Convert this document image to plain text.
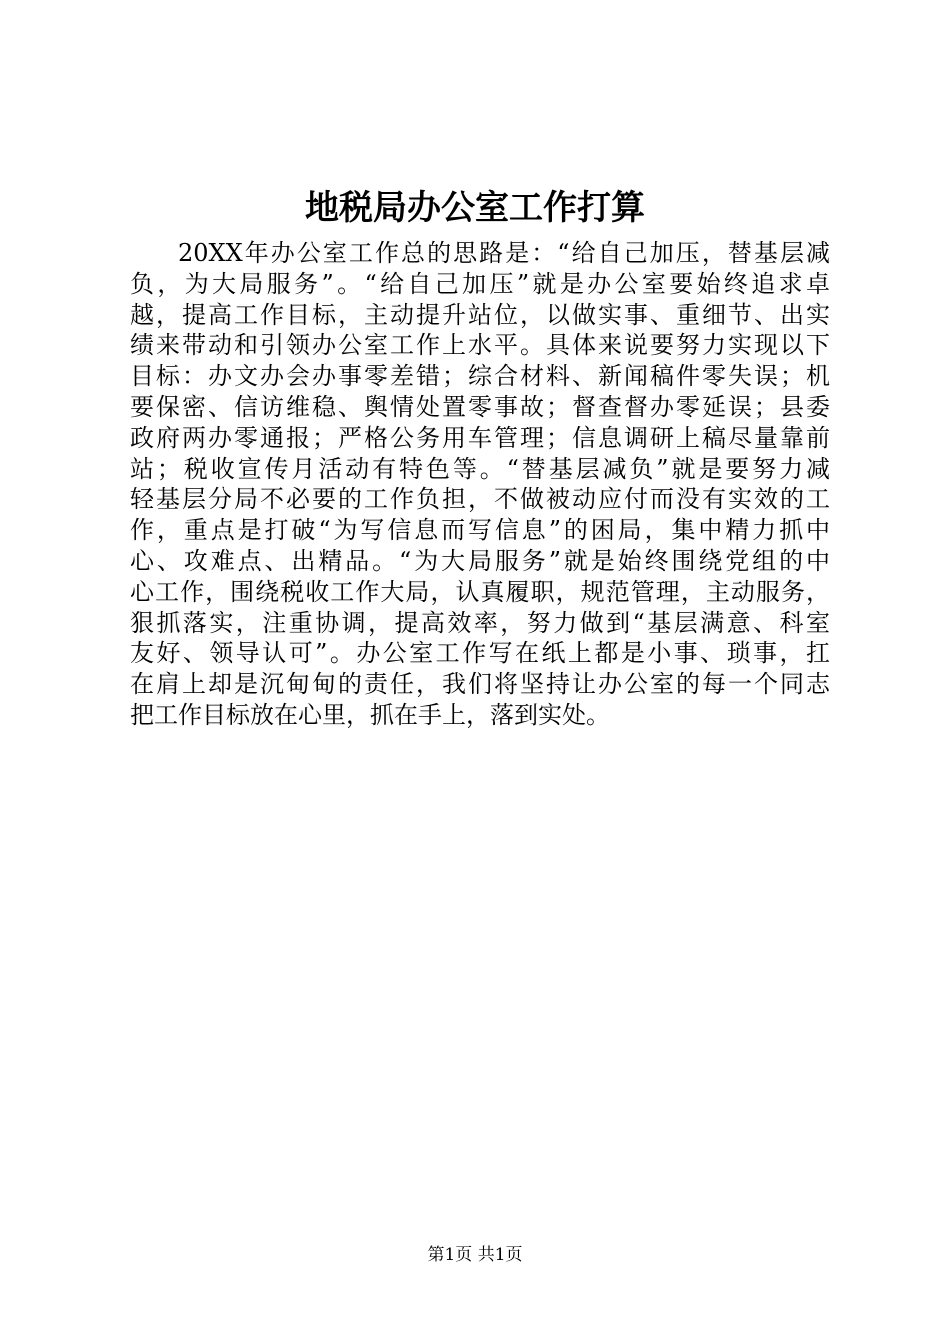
地税局办公室工作打算
20XX年办公室工作总的思路是：“给自己加压，替基层减
负，为大局服务”。“给自己加压”就是办公室要始终追求卓
越，提高工作目标，主动提升站位，以做实事、重细节、出实
绩来带动和引领办公室工作上水平。具体来说要努力实现以下
目标：办文办会办事零差错；综合材料、新闻稿件零失误；机
要保密、信访维稳、舆情处置零事故；督查督办零延误；县委
政府两办零通报；严格公务用车管理；信息调研上稿尽量靠前
站；税收宣传月活动有特色等。“替基层减负”就是要努力减
轻基层分局不必要的工作负担，不做被动应付而没有实效的工
作，重点是打破“为写信息而写信息”的困局，集中精力抓中
心、攻难点、出精品。“为大局服务”就是始终围绕党组的中
心工作，围绕税收工作大局，认真履职，规范管理，主动服务，
狠抓落实，注重协调，提高效率，努力做到“基层满意、科室
友好、领导认可”。办公室工作写在纸上都是小事、琐事，扛
在肩上却是沉甸甸的责任，我们将坚持让办公室的每一个同志
把工作目标放在心里，抓在手上，落到实处。
第1页 共1页
